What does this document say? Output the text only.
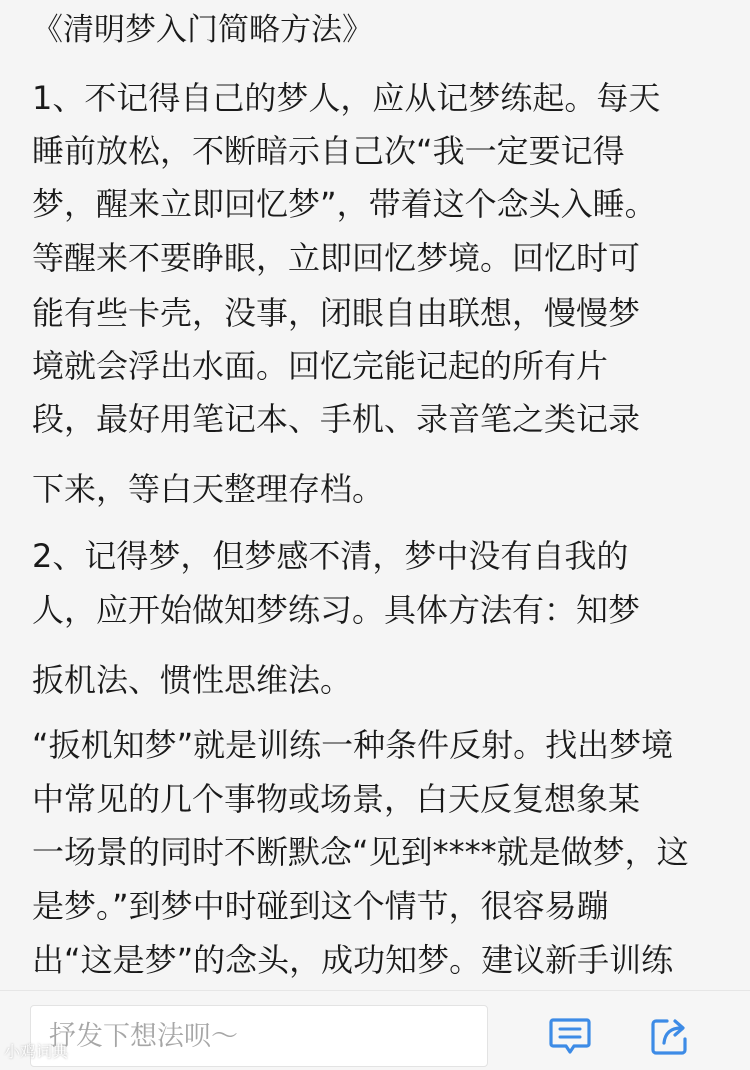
《清明梦入门简略方法》
1、不记得自己的梦人，应从记梦练起。每天
睡前放松，不断暗示自己次“我一定要记得
梦，醒来立即回忆梦”，带着这个念头入睡。
等醒来不要睁眼，立即回忆梦境。回忆时可
能有些卡壳，没事，闭眼自由联想，慢慢梦
境就会浮出水面。回忆完能记起的所有片
段，最好用笔记本、手机、录音笔之类记录
下来，等白天整理存档。
2、记得梦，但梦感不清，梦中没有自我的
人，应开始做知梦练习。具体方法有：知梦
扳机法、惯性思维法。
“扳机知梦”就是训练一种条件反射。找出梦境
中常见的几个事物或场景，白天反复想象某
一场景的同时不断默念“见到****就是做梦，这
是梦。”到梦中时碰到这个情节，很容易蹦
出“这是梦”的念头，成功知梦。建议新手训练
抒发下想法呗～
小鸡词典
